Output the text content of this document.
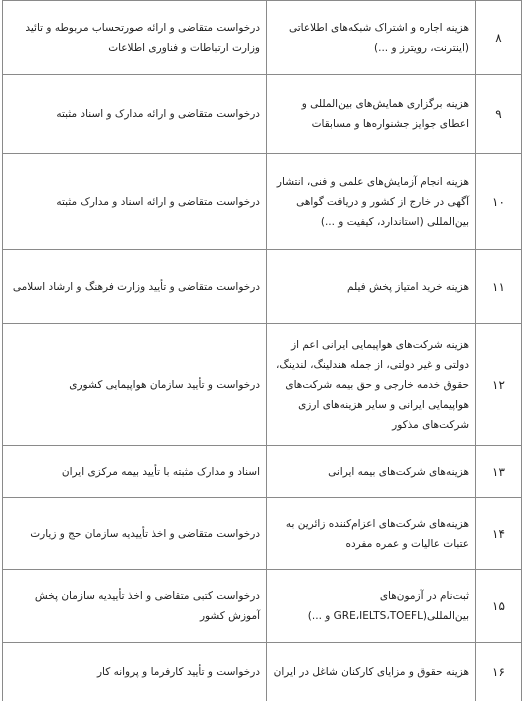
۸	هزینه اجاره و اشتراک شبکه‌های اطلاعاتی (اینترنت، رویترز و ...)	درخواست متقاضی و ارائه صورتحساب مربوطه و تائید وزارت ارتباطات و فناوری اطلاعات
۹	هزینه برگزاری همایش‌های بین‌المللی و اعطای جوایز جشنواره‌ها و مسابقات	درخواست متقاضی و ارائه مدارک و اسناد مثبته
۱۰	هزینه انجام آزمایش‌های علمی و فنی، انتشار آگهی در خارج از کشور و دریافت گواهی بین‌المللی (استاندارد، کیفیت و ...)	درخواست متقاضی و ارائه اسناد و مدارک مثبته
۱۱	هزینه خرید امتیاز پخش فیلم	درخواست متقاضی و تأیید وزارت فرهنگ و ارشاد اسلامی
۱۲	هزینه شرکت‌های هواپیمایی ایرانی اعم از دولتی و غیر دولتی، از جمله هندلینگ، لندینگ، حقوق خدمه خارجی و حق بیمه شرکت‌های هواپیمایی ایرانی و سایر هزینه‌های ارزی شرکت‌های مذکور	درخواست و تأیید سازمان هواپیمایی کشوری
۱۳	هزینه‌های شرکت‌های بیمه ایرانی	اسناد و مدارک مثبته با تأیید بیمه مرکزی ایران
۱۴	هزینه‌های شرکت‌های اعزام‌کننده زائرین به عتبات عالیات و عمره مفرده	درخواست متقاضی و اخذ تأییدیه سازمان حج و زیارت
۱۵	ثبت‌نام در آزمون‌های بین‌المللی(GRE،IELTS،TOEFL و ...)	درخواست کتبی متقاضی و اخذ تأییدیه سازمان پخش آموزش کشور
۱۶	هزینه حقوق و مزایای کارکنان شاغل در ایران	درخواست و تأیید کارفرما و پروانه کار
